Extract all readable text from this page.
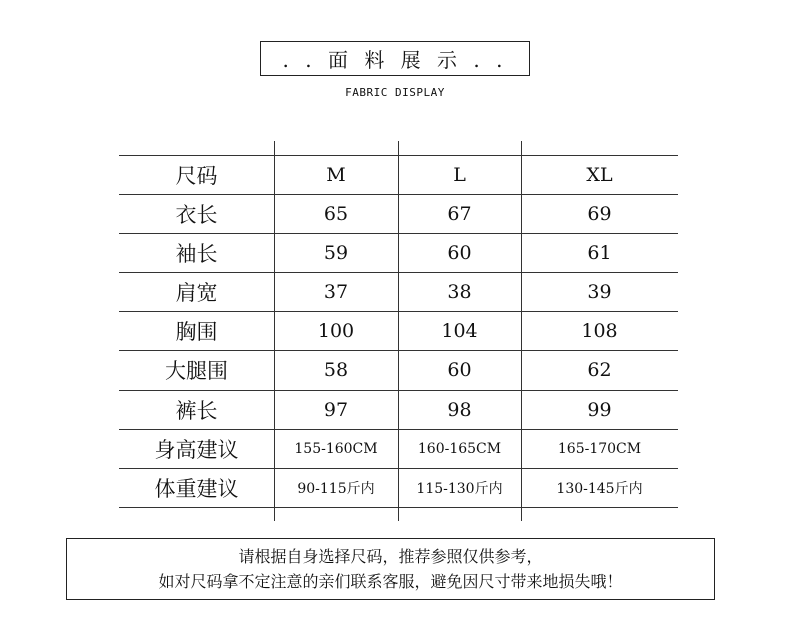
. . 面 料 展 示 . .
FABRIC DISPLAY
尺码	M	L	XL
衣长	65	67	69
袖长	59	60	61
肩宽	37	38	39
胸围	100	104	108
大腿围	58	60	62
裤长	97	98	99
身高建议	155-160CM	160-165CM	165-170CM
体重建议	90-115斤内	115-130斤内	130-145斤内
请根据自身选择尺码，推荐参照仅供参考，
如对尺码拿不定注意的亲们联系客服，避免因尺寸带来地损失哦！
